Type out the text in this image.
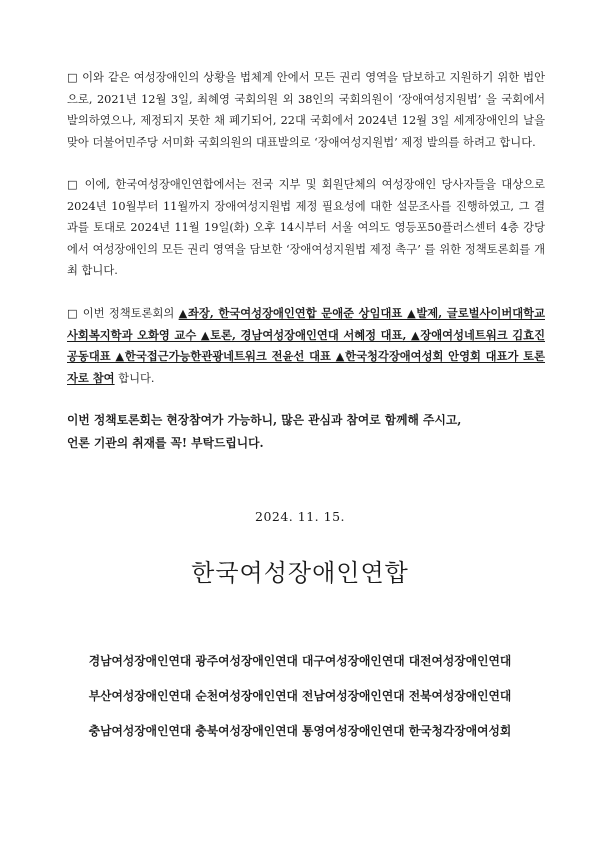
□ 이와 같은 여성장애인의 상황을 법체계 안에서 모든 권리 영역을 담보하고 지원하기 위한 법안으로, 2021년 12월 3일, 최혜영 국회의원 외 38인의 국회의원이 ‘장애여성지원법’ 을 국회에서 발의하였으나, 제정되지 못한 채 폐기되어, 22대 국회에서 2024년 12월 3일 세계장애인의 날을 맞아 더불어민주당 서미화 국회의원의 대표발의로 ‘장애여성지원법’ 제정 발의를 하려고 합니다.

□ 이에, 한국여성장애인연합에서는 전국 지부 및 회원단체의 여성장애인 당사자들을 대상으로 2024년 10월부터 11월까지 장애여성지원법 제정 필요성에 대한 설문조사를 진행하였고, 그 결과를 토대로 2024년 11월 19일(화) 오후 14시부터 서울 여의도 영등포50플러스센터 4층 강당에서 여성장애인의 모든 권리 영역을 담보한 ‘장애여성지원법 제정 촉구’ 를 위한 정책토론회를 개최 합니다.

□ 이번 정책토론회의 ▲좌장, 한국여성장애인연합 문애준 상임대표 ▲발제, 글로벌사이버대학교 사회복지학과 오화영 교수 ▲토론, 경남여성장애인연대 서혜정 대표, ▲장애여성네트워크 김효진 공동대표 ▲한국접근가능한관광네트워크 전윤선 대표 ▲한국청각장애여성회 안영회 대표가 토론자로 참여 합니다.

이번 정책토론회는 현장참여가 가능하니, 많은 관심과 참여로 함께해 주시고,
언론 기관의 취재를 꼭! 부탁드립니다.
2024. 11. 15.
한국여성장애인연합
경남여성장애인연대 광주여성장애인연대 대구여성장애인연대 대전여성장애인연대
부산여성장애인연대 순천여성장애인연대 전남여성장애인연대 전북여성장애인연대
충남여성장애인연대 충북여성장애인연대 통영여성장애인연대 한국청각장애여성회
